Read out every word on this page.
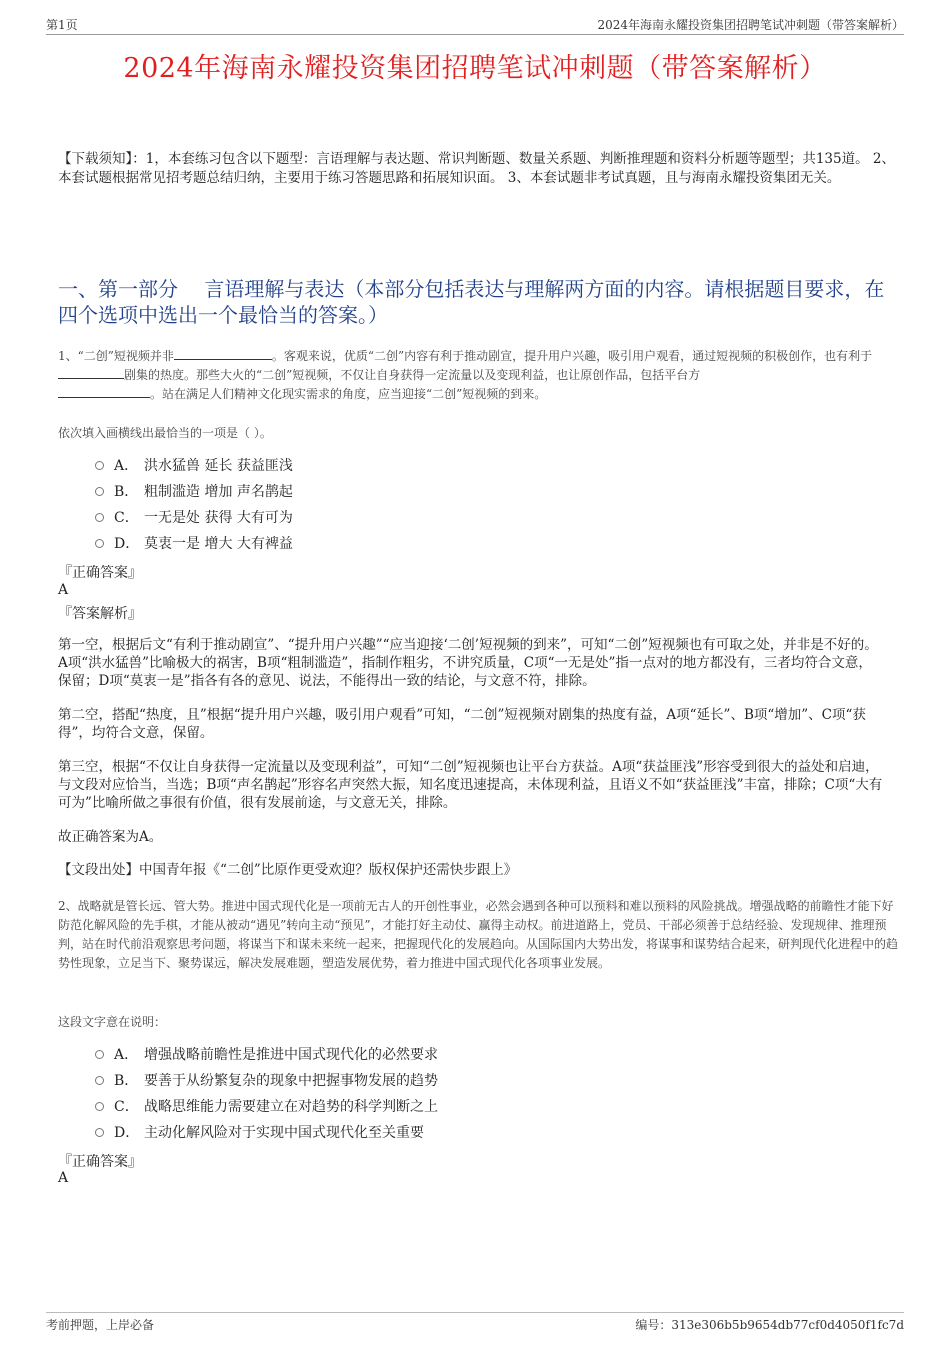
第1页	2024年海南永耀投资集团招聘笔试冲刺题（带答案解析）
2024年海南永耀投资集团招聘笔试冲刺题（带答案解析）
【下载须知】：1，本套练习包含以下题型：言语理解与表达题、常识判断题、数量关系题、判断推理题和资料分析题等题型；共135道。 2、本套试题根据常见招考题总结归纳，主要用于练习答题思路和拓展知识面。 3、本套试题非考试真题，且与海南永耀投资集团无关。
一、第一部分　 言语理解与表达（本部分包括表达与理解两方面的内容。请根据题目要求，在四个选项中选出一个最恰当的答案。）
1、“二创”短视频并非	。客观来说，优质“二创”内容有利于推动剧宣，提升用户兴趣，吸引用户观看，通过短视频的积极创作，也有利于剧集的热度。那些大火的“二创”短视频，不仅让自身获得一定流量以及变现利益，也让原创作品，包括平台方
。站在满足人们精神文化现实需求的角度，应当迎接“二创”短视频的到来。
依次填入画横线出最恰当的一项是（ ）。
A． 洪水猛兽 延长 获益匪浅
B． 粗制滥造 增加 声名鹊起
C． 一无是处 获得 大有可为
D． 莫衷一是 增大 大有裨益
『正确答案』
A
『答案解析』
第一空，根据后文“有利于推动剧宣”、“提升用户兴趣”“应当迎接‘二创’短视频的到来”，可知“二创”短视频也有可取之处，并非是不好的。A项“洪水猛兽”比喻极大的祸害，B项“粗制滥造”，指制作粗劣，不讲究质量，C项“一无是处”指一点对的地方都没有，三者均符合文意，保留；D项“莫衷一是”指各有各的意见、说法，不能得出一致的结论，与文意不符，排除。
第二空，搭配“热度，且”根据“提升用户兴趣，吸引用户观看”可知，“二创”短视频对剧集的热度有益，A项“延长”、B项“增加”、C项“获得”，均符合文意，保留。
第三空，根据“不仅让自身获得一定流量以及变现利益”，可知“二创”短视频也让平台方获益。A项“获益匪浅”形容受到很大的益处和启迪，与文段对应恰当，当选；B项“声名鹊起”形容名声突然大振，知名度迅速提高，未体现利益，且语义不如“获益匪浅”丰富，排除；C项“大有可为”比喻所做之事很有价值，很有发展前途，与文意无关，排除。
故正确答案为A。
【文段出处】中国青年报《“二创”比原作更受欢迎？版权保护还需快步跟上》
2、战略就是管长远、管大势。推进中国式现代化是一项前无古人的开创性事业，必然会遇到各种可以预料和难以预料的风险挑战。增强战略的前瞻性才能下好防范化解风险的先手棋，才能从被动“遇见”转向主动“预见”，才能打好主动仗、赢得主动权。前进道路上，党员、干部必须善于总结经验、发现规律、推理预判，站在时代前沿观察思考问题，将谋当下和谋未来统一起来，把握现代化的发展趋向。从国际国内大势出发，将谋事和谋势结合起来，研判现代化进程中的趋势性现象，立足当下、聚势谋远，解决发展难题，塑造发展优势，着力推进中国式现代化各项事业发展。
这段文字意在说明：
A． 增强战略前瞻性是推进中国式现代化的必然要求
B． 要善于从纷繁复杂的现象中把握事物发展的趋势
C． 战略思维能力需要建立在对趋势的科学判断之上
D． 主动化解风险对于实现中国式现代化至关重要
『正确答案』
A
考前押题，上岸必备	编号：313e306b5b9654db77cf0d4050f1fc7d
